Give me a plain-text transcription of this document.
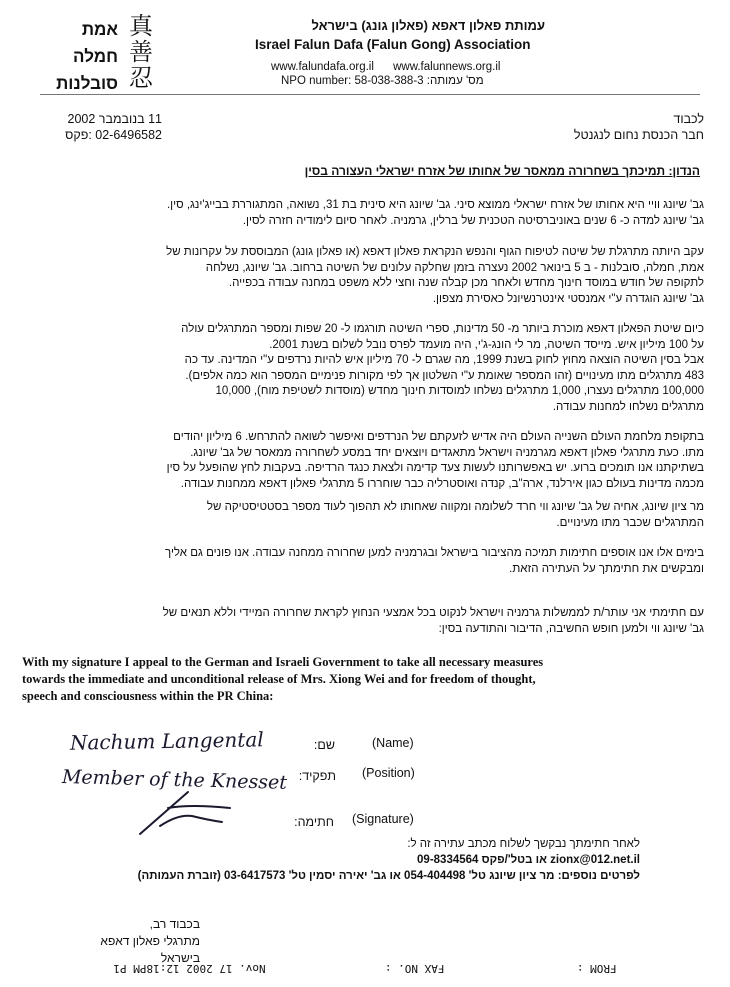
אמת
חמלה
סובלנות
真
善
忍
עמותת פאלון דאפא (פאלון גונג) בישראל
Israel Falun Dafa (Falun Gong) Association
www.falundafa.org.il      www.falunnews.org.il
NPO number: 58-038-388-3 :מס' עמותה
11 בנובמבר 2002
02-6496582 :פקס
לכבוד
חבר הכנסת נחום לנגנטל
הנדון: תמיכתך בשחרורה ממאסר של אחותו של אזרח ישראלי העצורה בסין
גב' שיונג וויי היא אחותו של אזרח ישראלי ממוצא סיני. גב' שיונג היא סינית בת 31, נשואה, המתגוררת בבייג'ינג, סין.
גב' שיונג למדה כ- 6 שנים באוניברסיטה הטכנית של ברלין, גרמניה. לאחר סיום לימודיה חזרה לסין.
עקב היותה מתרגלת של שיטה לטיפוח הגוף והנפש הנקראת פאלון דאפא (או פאלון גונג) המבוססת על עקרונות של
אמת, חמלה, סובלנות - ב 5 בינואר 2002 נעצרה בזמן שחלקה עלונים של השיטה ברחוב. גב' שיונג, נשלחה
לתקופה של חודש במוסד חינוך מחדש ולאחר מכן קבלה שנה וחצי ללא משפט במחנה עבודה בכפייה.
גב' שיונג הוגדרה ע"י אמנסטי אינטרנשיונל כאסירת מצפון.
כיום שיטת הפאלון דאפא מוכרת ביותר מ- 50 מדינות, ספרי השיטה תורגמו ל- 20 שפות ומספר המתרגלים עולה
על 100 מיליון איש. מייסד השיטה, מר לי הונג-ג'י, היה מועמד לפרס נובל לשלום בשנת 2001.
אבל בסין השיטה הוצאה מחוץ לחוק בשנת 1999, מה שגרם ל- 70 מיליון איש להיות נרדפים ע"י המדינה. עד כה
483 מתרגלים מתו מעינויים (זהו המספר שאומת ע"י השלטון אך לפי מקורות פנימיים המספר הוא כמה אלפים).
100,000 מתרגלים נעצרו, 1,000 מתרגלים נשלחו למוסדות חינוך מחדש (מוסדות לשטיפת מוח), 10,000
מתרגלים נשלחו למחנות עבודה.
בתקופת מלחמת העולם השנייה העולם היה אדיש לזעקתם של הנרדפים ואיפשר לשואה להתרחש. 6 מיליון יהודים
מתו. כעת מתרגלי פאלון דאפא מגרמניה וישראל מתאגדים ויוצאים יחד במסע לשחרורה ממאסר של גב' שיונג.
בשתיקתנו אנו תומכים ברוע. יש באפשרותנו לעשות צעד קדימה ולצאת כנגד הרדיפה. בעקבות לחץ שהופעל על סין
מכמה מדינות בעולם כגון אירלנד, ארה"ב, קנדה ואוסטרליה כבר שוחררו 5 מתרגלי פאלון דאפא ממחנות עבודה.
מר ציון שיונג, אחיה של גב' שיונג ווי חרד לשלומה ומקווה שאחותו לא תהפוך לעוד מספר בסטטיסטיקה של
המתרגלים שכבר מתו מעינויים.
בימים אלו אנו אוספים חתימות תמיכה מהציבור בישראל ובגרמניה למען שחרורה ממחנה עבודה. אנו פונים גם אליך
ומבקשים את חתימתך על העתירה הזאת.
עם חתימתי אני עותר/ת לממשלות גרמניה וישראל לנקוט בכל אמצעי הנחוץ לקראת שחרורה המיידי וללא תנאים של
גב' שיונג ווי ולמען חופש החשיבה, הדיבור והתודעה בסין:
With my signature I appeal to the German and Israeli Government to take all necessary measures
towards the immediate and unconditional release of Mrs. Xiong Wei and for freedom of thought,
speech and consciousness within the PR China:
Nachum Langental	שם:	(Name)
Member of the Knesset תפקיד: (Position)
חתימה: (Signature)
לאחר חתימתך נבקשך לשלוח מכתב עתירה זה ל:
zionx@012.net.il או בטל'/פקס 09-8334564
לפרטים נוספים: מר ציון שיונג טל' 054-404498 או גב' יאירה יסמין טל' 03-6417573 (זוברת העמותה)
בכבוד רב,
מתרגלי פאלון דאפא בישראל
FROM :                    FAX NO. :                  Nov. 17 2002 12:18PM P1
